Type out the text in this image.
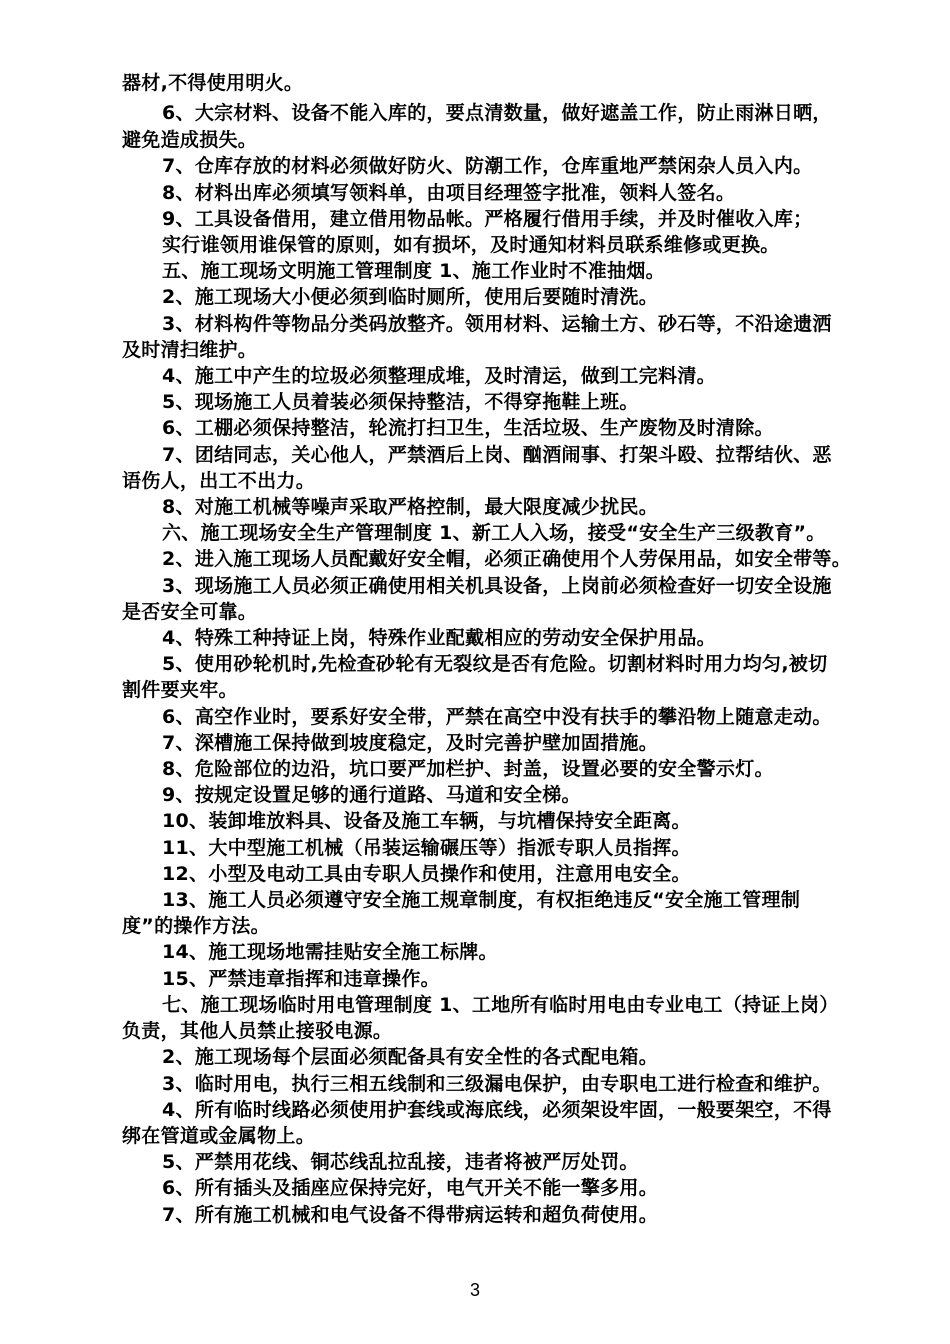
器材,不得使用明火。
6、大宗材料、设备不能入库的，要点清数量，做好遮盖工作，防止雨淋日晒，
避免造成损失。
7、仓库存放的材料必须做好防火、防潮工作，仓库重地严禁闲杂人员入内。
8、材料出库必须填写领料单，由项目经理签字批准，领料人签名。
9、工具设备借用，建立借用物品帐。严格履行借用手续，并及时催收入库；
实行谁领用谁保管的原则，如有损坏，及时通知材料员联系维修或更换。
五、施工现场文明施工管理制度 1、施工作业时不准抽烟。
2、施工现场大小便必须到临时厕所，使用后要随时清洗。
3、材料构件等物品分类码放整齐。领用材料、运输土方、砂石等，不沿途遗洒
及时清扫维护。
4、施工中产生的垃圾必须整理成堆，及时清运，做到工完料清。
5、现场施工人员着装必须保持整洁，不得穿拖鞋上班。
6、工棚必须保持整洁，轮流打扫卫生，生活垃圾、生产废物及时清除。
7、团结同志，关心他人，严禁酒后上岗、酗酒闹事、打架斗殴、拉帮结伙、恶
语伤人，出工不出力。
8、对施工机械等噪声采取严格控制，最大限度减少扰民。
六、施工现场安全生产管理制度 1、新工人入场，接受“安全生产三级教育”。
2、进入施工现场人员配戴好安全帽，必须正确使用个人劳保用品，如安全带等。
3、现场施工人员必须正确使用相关机具设备，上岗前必须检查好一切安全设施
是否安全可靠。
4、特殊工种持证上岗，特殊作业配戴相应的劳动安全保护用品。
5、使用砂轮机时,先检查砂轮有无裂纹是否有危险。切割材料时用力均匀,被切
割件要夹牢。
6、高空作业时，要系好安全带，严禁在高空中没有扶手的攀沿物上随意走动。
7、深槽施工保持做到坡度稳定，及时完善护壁加固措施。
8、危险部位的边沿，坑口要严加栏护、封盖，设置必要的安全警示灯。
9、按规定设置足够的通行道路、马道和安全梯。
10、装卸堆放料具、设备及施工车辆，与坑槽保持安全距离。
11、大中型施工机械（吊装运输碾压等）指派专职人员指挥。
12、小型及电动工具由专职人员操作和使用，注意用电安全。
13、施工人员必须遵守安全施工规章制度，有权拒绝违反“安全施工管理制
度”的操作方法。
14、施工现场地需挂贴安全施工标牌。
15、严禁违章指挥和违章操作。
七、施工现场临时用电管理制度 1、工地所有临时用电由专业电工（持证上岗）
负责，其他人员禁止接驳电源。
2、施工现场每个层面必须配备具有安全性的各式配电箱。
3、临时用电，执行三相五线制和三级漏电保护，由专职电工进行检查和维护。
4、所有临时线路必须使用护套线或海底线，必须架设牢固，一般要架空，不得
绑在管道或金属物上。
5、严禁用花线、铜芯线乱拉乱接，违者将被严厉处罚。
6、所有插头及插座应保持完好，电气开关不能一擎多用。
7、所有施工机械和电气设备不得带病运转和超负荷使用。
3
